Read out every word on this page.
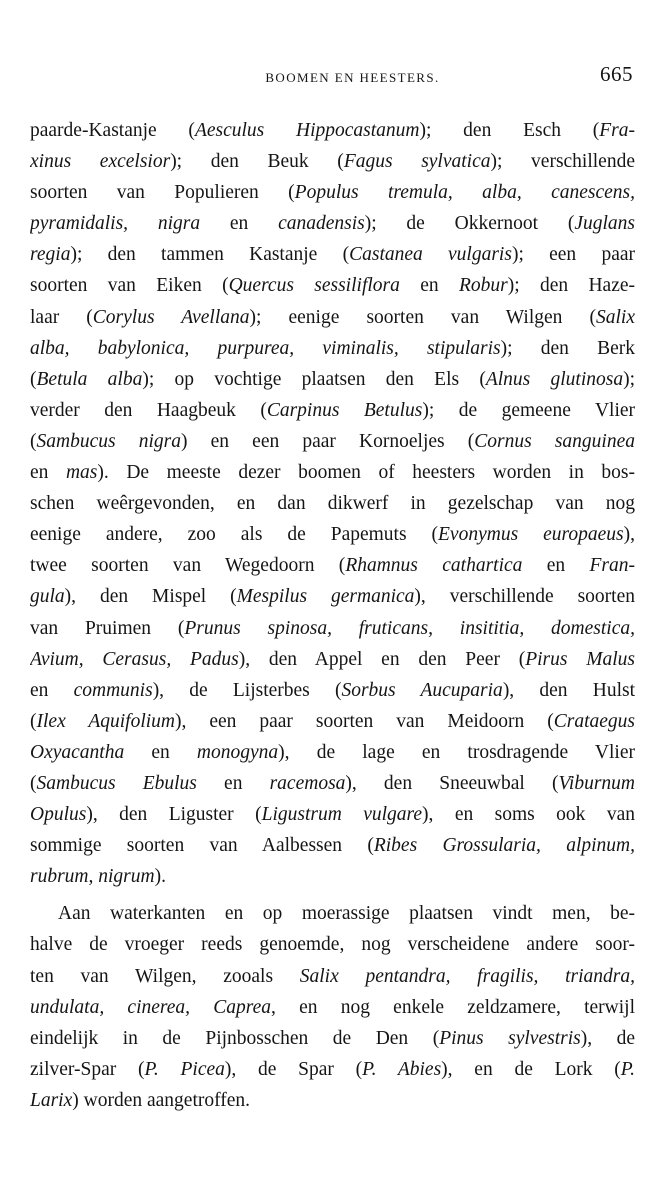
BOOMEN EN HEESTERS.	665
paarde-Kastanje (Aesculus Hippocastanum); den Esch (Fra-
xinus excelsior); den Beuk (Fagus sylvatica); verschillende
soorten van Populieren (Populus tremula, alba, canescens,
pyramidalis, nigra en canadensis); de Okkernoot (Juglans
regia); den tammen Kastanje (Castanea vulgaris); een paar
soorten van Eiken (Quercus sessiliflora en Robur); den Haze-
laar (Corylus Avellana); eenige soorten van Wilgen (Salix
alba, babylonica, purpurea, viminalis, stipularis); den Berk
(Betula alba); op vochtige plaatsen den Els (Alnus glutinosa);
verder den Haagbeuk (Carpinus Betulus); de gemeene Vlier
(Sambucus nigra) en een paar Kornoeljes (Cornus sanguinea
en mas). De meeste dezer boomen of heesters worden in bos-
schen weêrgevonden, en dan dikwerf in gezelschap van nog
eenige andere, zoo als de Papemuts (Evonymus europaeus),
twee soorten van Wegedoorn (Rhamnus cathartica en Fran-
gula), den Mispel (Mespilus germanica), verschillende soorten
van Pruimen (Prunus spinosa, fruticans, insititia, domestica,
Avium, Cerasus, Padus), den Appel en den Peer (Pirus Malus
en communis), de Lijsterbes (Sorbus Aucuparia), den Hulst
(Ilex Aquifolium), een paar soorten van Meidoorn (Crataegus
Oxyacantha en monogyna), de lage en trosdragende Vlier
(Sambucus Ebulus en racemosa), den Sneeuwbal (Viburnum
Opulus), den Liguster (Ligustrum vulgare), en soms ook van
sommige soorten van Aalbessen (Ribes Grossularia, alpinum,
rubrum, nigrum).
Aan waterkanten en op moerassige plaatsen vindt men, be-
halve de vroeger reeds genoemde, nog verscheidene andere soor-
ten van Wilgen, zooals Salix pentandra, fragilis, triandra,
undulata, cinerea, Caprea, en nog enkele zeldzamere, terwijl
eindelijk in de Pijnbosschen de Den (Pinus sylvestris), de
zilver-Spar (P. Picea), de Spar (P. Abies), en de Lork (P.
Larix) worden aangetroffen.
